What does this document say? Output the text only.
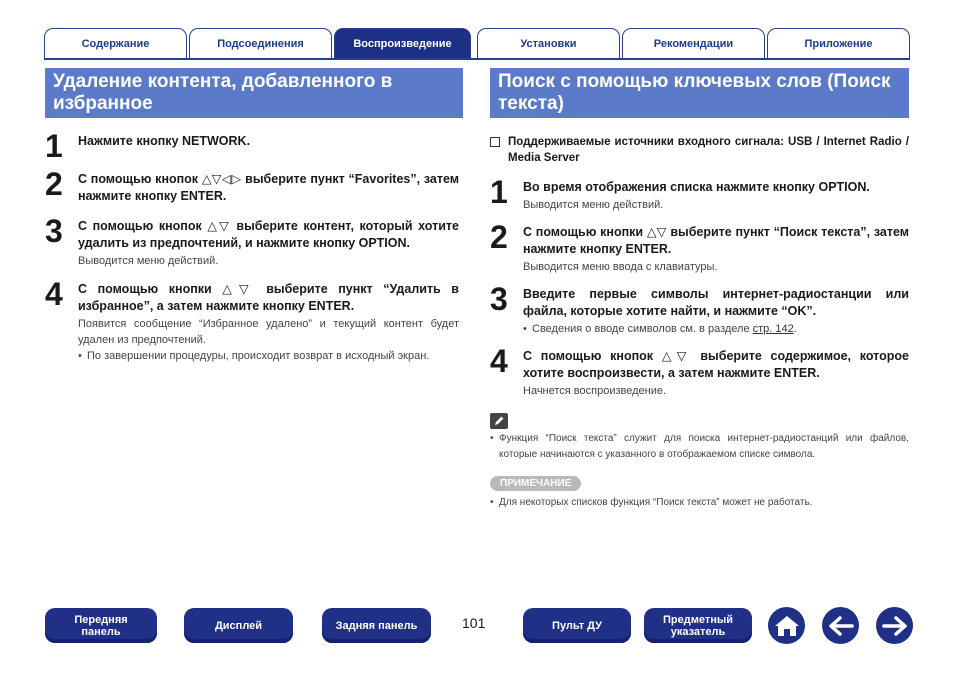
Содержание	Подсоединения	Воспроизведение	Установки	Рекомендации	Приложение
Удаление контента, добавленного в избранное
1 Нажмите кнопку NETWORK.
2 С помощью кнопок △▽◁▷ выберите пункт “Favorites”, затем нажмите кнопку ENTER.
3 С помощью кнопок △▽ выберите контент, который хотите удалить из предпочтений, и нажмите кнопку OPTION.
Выводится меню действий.
4 С помощью кнопки △▽ выберите пункт “Удалить в избранное”, а затем нажмите кнопку ENTER.
Появится сообщение “Избранное удалено” и текущий контент будет удален из предпочтений.
• По завершении процедуры, происходит возврат в исходный экран.
Поиск с помощью ключевых слов (Поиск текста)
Поддерживаемые источники входного сигнала: USB / Internet Radio / Media Server
1 Во время отображения списка нажмите кнопку OPTION.
Выводится меню действий.
2 С помощью кнопки △▽ выберите пункт “Поиск текста”, затем нажмите кнопку ENTER.
Выводится меню ввода с клавиатуры.
3 Введите первые символы интернет-радиостанции или файла, которые хотите найти, и нажмите “OK”.
• Сведения о вводе символов см. в разделе стр. 142.
4 С помощью кнопок △▽ выберите содержимое, которое хотите воспроизвести, а затем нажмите ENTER.
Начнется воспроизведение.
• Функция “Поиск текста” служит для поиска интернет-радиостанций или файлов, которые начинаются с указанного в отображаемом списке символа.
ПРИМЕЧАНИЕ
• Для некоторых списков функция “Поиск текста” может не работать.
Передняя панель	Дисплей	Задняя панель	101	Пульт ДУ	Предметный указатель
